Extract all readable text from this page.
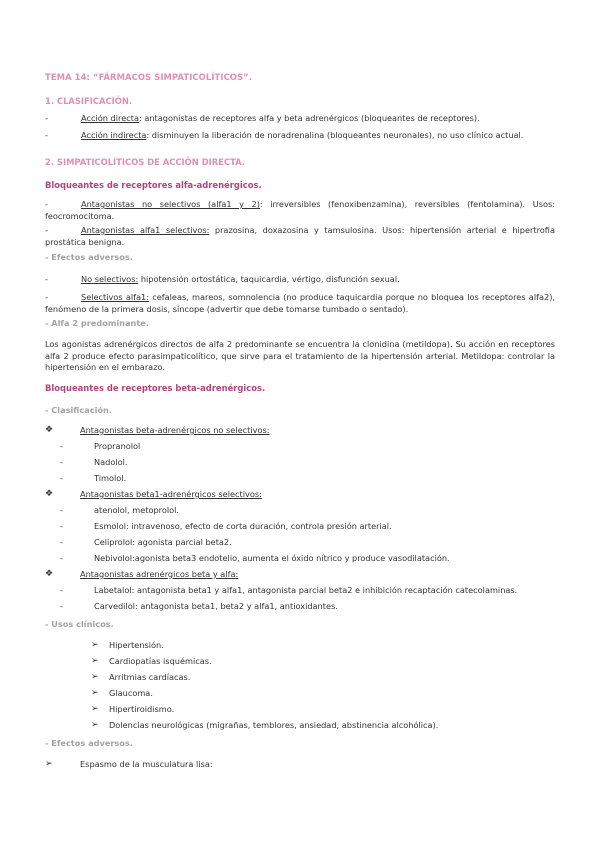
TEMA 14: “FÁRMACOS SIMPATICOLÍTICOS”.
1. CLASIFICACIÓN.
-	Acción directa: antagonistas de receptores alfa y beta adrenérgicos (bloqueantes de receptores).
-	Acción indirecta: disminuyen la liberación de noradrenalina (bloqueantes neuronales), no uso clínico actual.
2. SIMPATICOLÍTICOS DE ACCIÓN DIRECTA.
Bloqueantes de receptores alfa-adrenérgicos.
-	Antagonistas no selectivos (alfa1 y 2): irreversibles (fenoxibenzamina), reversibles (fentolamina). Usos: feocromocitoma.
-	Antagonistas alfa1 selectivos: prazosina, doxazosina y tamsulosina. Usos: hipertensión arterial e hipertrofia prostática benigna.
- Efectos adversos.
-	No selectivos: hipotensión ortostática, taquicardia, vértigo, disfunción sexual.
-	Selectivos alfa1: cefaleas, mareos, somnolencia (no produce taquicardia porque no bloquea los receptores alfa2), fenómeno de la primera dosis, síncope (advertir que debe tomarse tumbado o sentado).
- Alfa 2 predominante.
Los agonistas adrenérgicos directos de alfa 2 predominante se encuentra la clonidina (metildopa). Su acción en receptores alfa 2 produce efecto parasimpaticolítico, que sirve para el tratamiento de la hipertensión arterial. Metildopa: controlar la hipertensión en el embarazo.
Bloqueantes de receptores beta-adrenérgicos.
- Clasificación.
❖	Antagonistas beta-adrenérgicos no selectivos:
-	Propranolol
-	Nadolol.
-	Timolol.
❖	Antagonistas beta1-adrenérgicos selectivos:
-	atenolol, metoprolol.
-	Esmolol: intravenoso, efecto de corta duración, controla presión arterial.
-	Celiprolol: agonista parcial beta2.
-	Nebivolol:agonista beta3 endotelio, aumenta el óxido nítrico y produce vasodilatación.
❖	Antagonistas adrenérgicos beta y alfa:
-	Labetalol: antagonista beta1 y alfa1, antagonista parcial beta2 e inhibición recaptación catecolaminas.
-	Carvedilol: antagonista beta1, beta2 y alfa1, antioxidantes.
- Usos clínicos.
➢ Hipertensión.
➢ Cardiopatías isquémicas.
➢ Arritmias cardíacas.
➢ Glaucoma.
➢ Hipertiroidismo.
➢ Dolencias neurológicas (migrañas, temblores, ansiedad, abstinencia alcohólica).
- Efectos adversos.
➢	Espasmo de la musculatura lisa:
